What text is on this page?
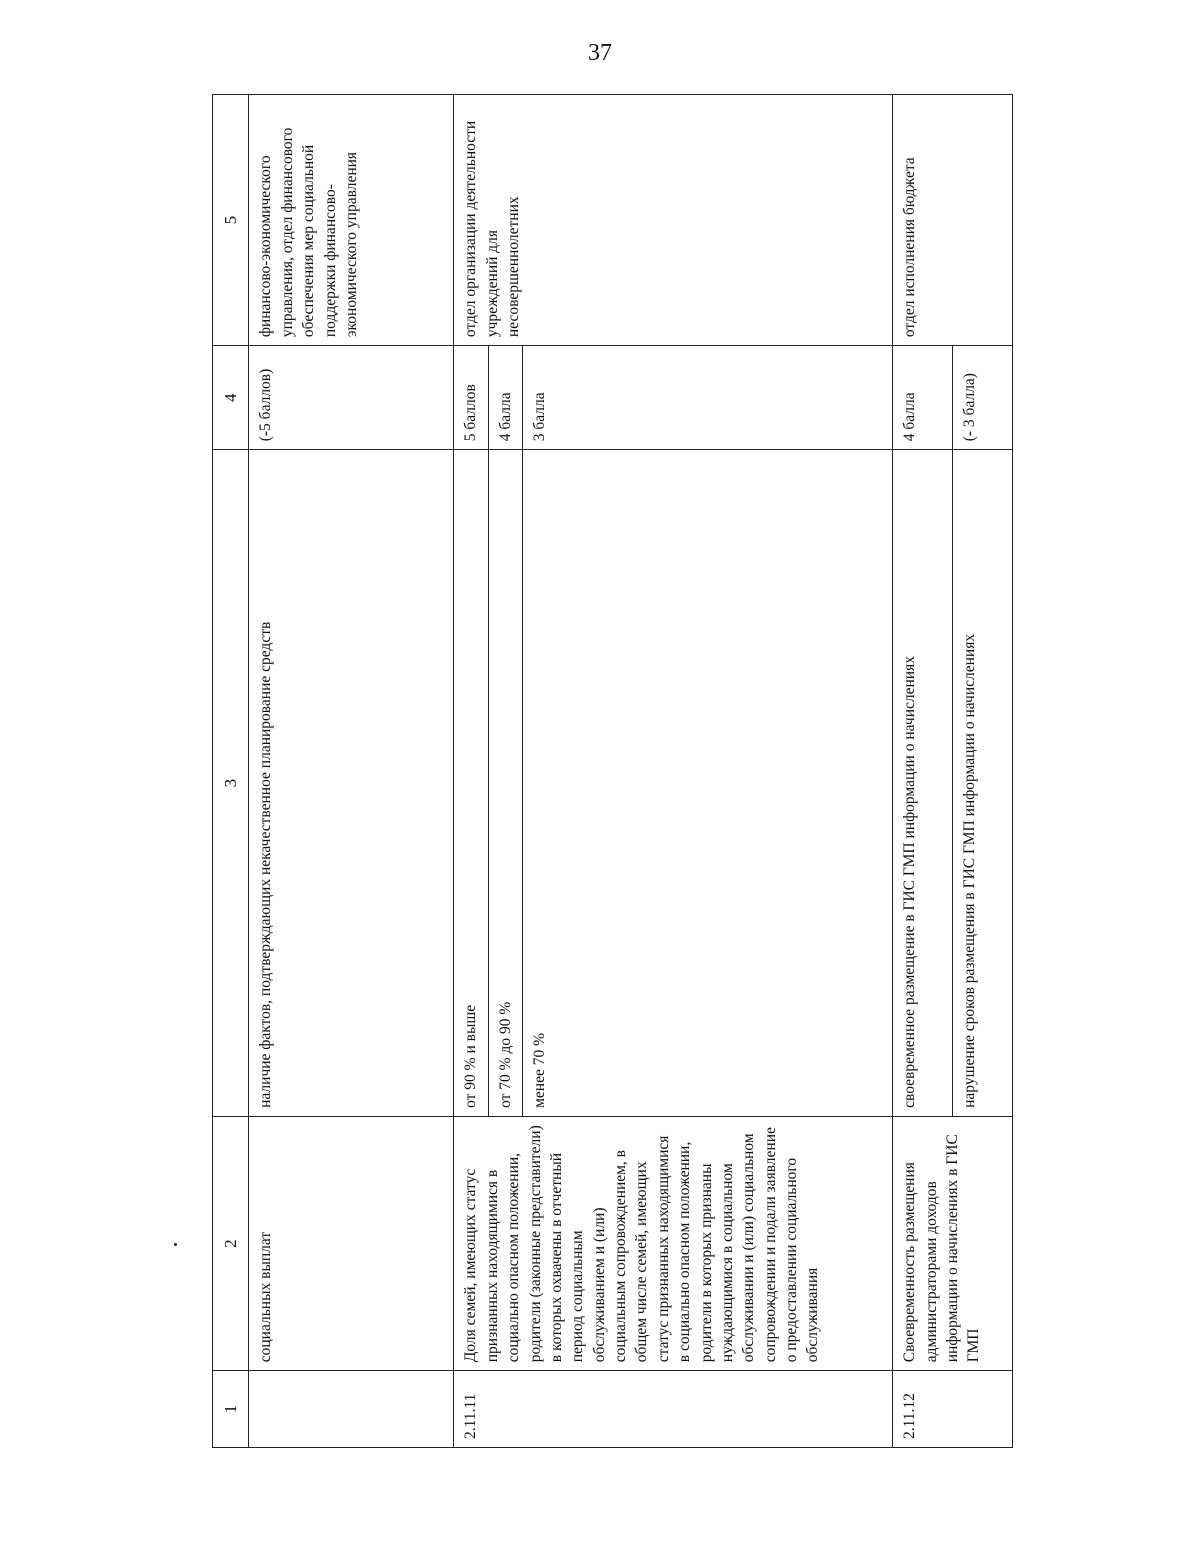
37
1	2	3	4	5
	социальных выплат	наличие фактов, подтверждающих некачественное планирование средств	(-5 баллов)	финансово-экономического управления, отдел финансового обеспечения мер социальной поддержки финансово-экономического управления
2.11.11	Доля семей, имеющих статус признанных находящимися в социально опасном положении, родители (законные представители) в которых охвачены в отчетный период социальным обслуживанием и (или) социальным сопровождением, в общем числе семей, имеющих статус признанных находящимися в социально опасном положении, родители в которых признаны нуждающимися в социальном обслуживании и (или) социальном сопровождении и подали заявление о предоставлении социального обслуживания	от 90 % и выше	5 баллов	отдел организации деятельности учреждений для несовершеннолетних
		от 70 % до 90 %	4 балла	
		менее 70 %	3 балла	
2.11.12	Своевременность размещения администраторами доходов информации о начислениях в ГИС ГМП	своевременное размещение в ГИС ГМП информации о начислениях	4 балла	отдел исполнения бюджета
		нарушение сроков размещения в ГИС ГМП информации о начислениях	(- 3 балла)	
